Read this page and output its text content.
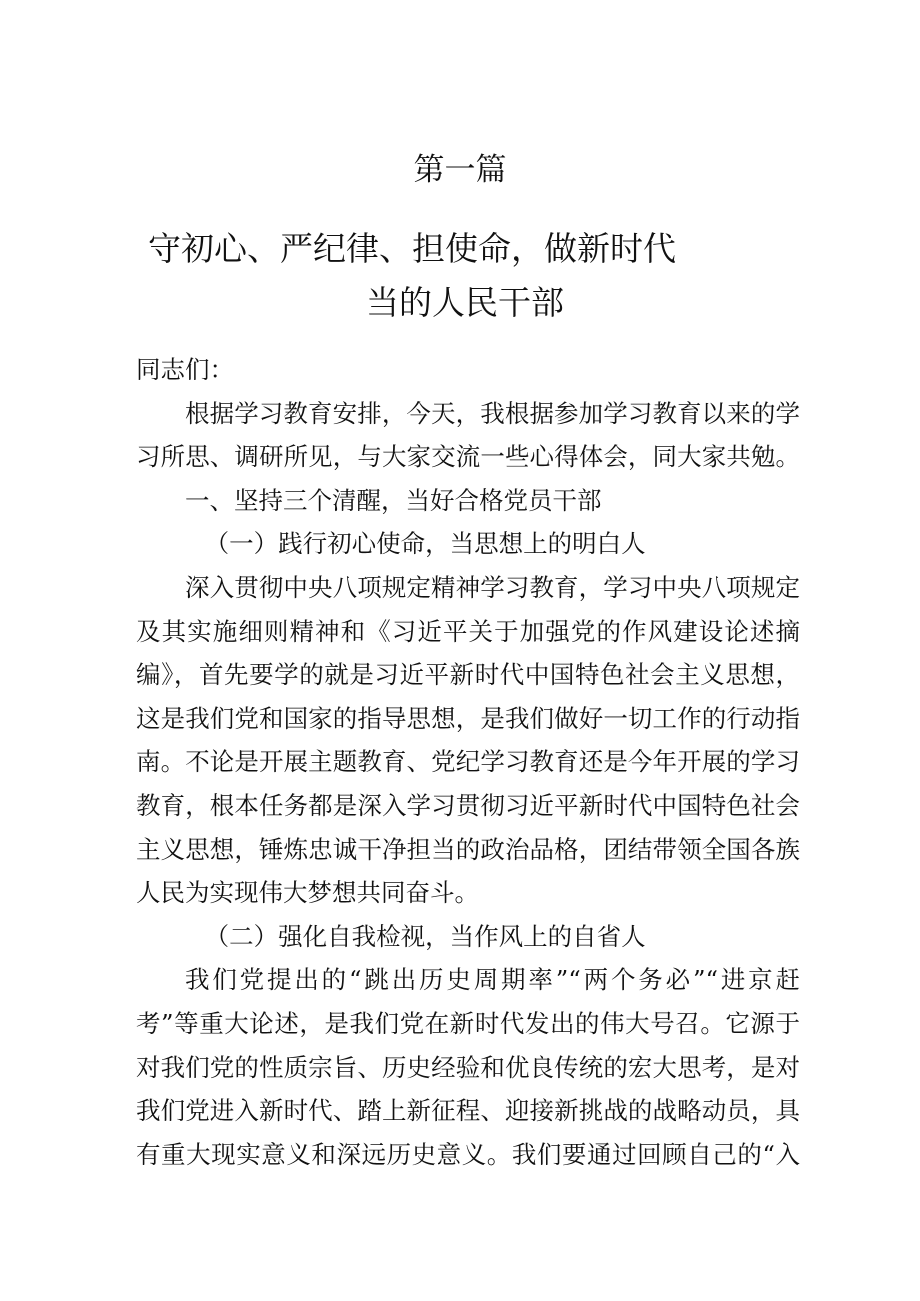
第一篇
守初心、严纪律、担使命，做新时代
当的人民干部
同志们：
根据学习教育安排，今天，我根据参加学习教育以来的学
习所思、调研所见，与大家交流一些心得体会，同大家共勉。
一、坚持三个清醒，当好合格党员干部
（一）践行初心使命，当思想上的明白人
深入贯彻中央八项规定精神学习教育，学习中央八项规定
及其实施细则精神和《习近平关于加强党的作风建设论述摘
编》，首先要学的就是习近平新时代中国特色社会主义思想，
这是我们党和国家的指导思想，是我们做好一切工作的行动指
南。不论是开展主题教育、党纪学习教育还是今年开展的学习
教育，根本任务都是深入学习贯彻习近平新时代中国特色社会
主义思想，锤炼忠诚干净担当的政治品格，团结带领全国各族
人民为实现伟大梦想共同奋斗。
（二）强化自我检视，当作风上的自省人
我们党提出的“跳出历史周期率”“两个务必”“进京赶
考”等重大论述，是我们党在新时代发出的伟大号召。它源于
对我们党的性质宗旨、历史经验和优良传统的宏大思考，是对
我们党进入新时代、踏上新征程、迎接新挑战的战略动员，具
有重大现实意义和深远历史意义。我们要通过回顾自己的“入
